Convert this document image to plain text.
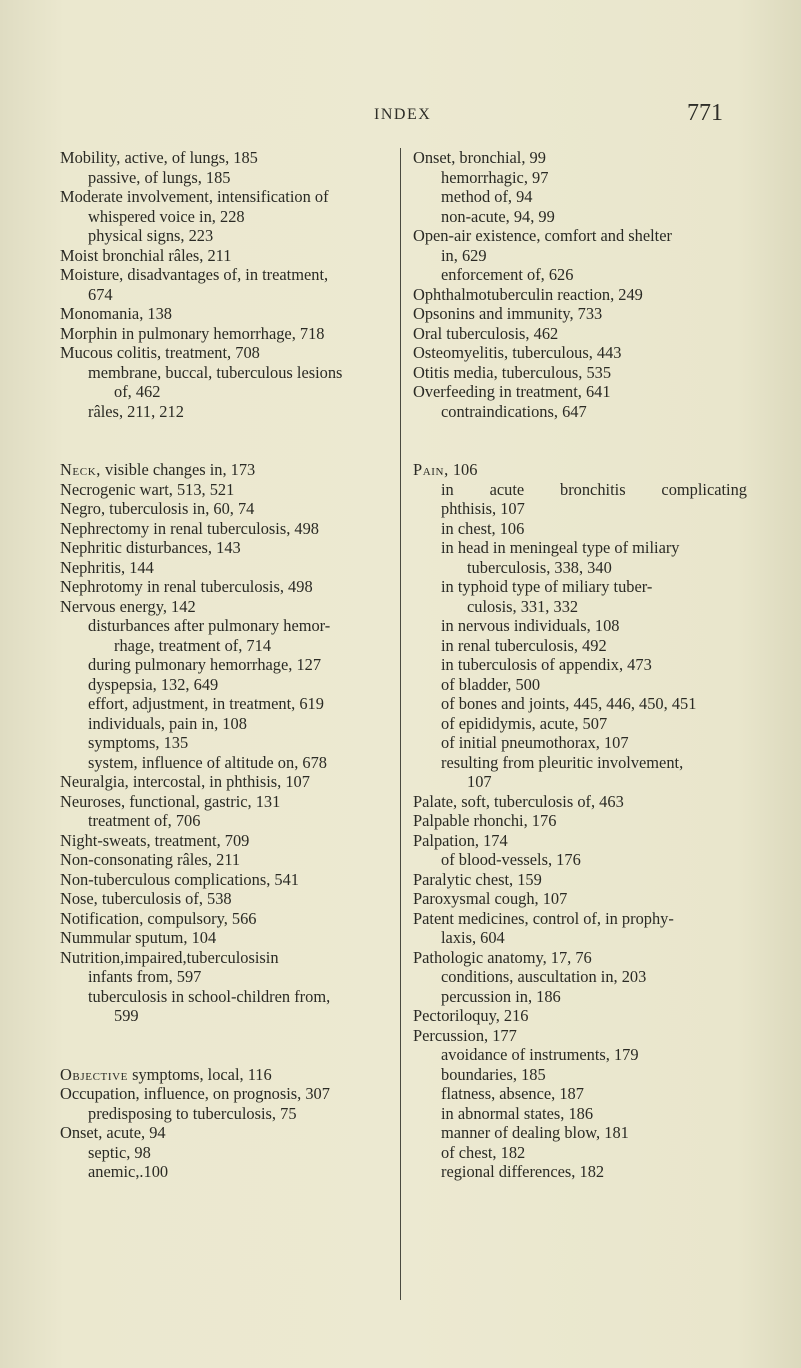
INDEX	771
Mobility, active, of lungs, 185
passive, of lungs, 185
Moderate involvement, intensification of
whispered voice in, 228
physical signs, 223
Moist bronchial râles, 211
Moisture, disadvantages of, in treatment,
674
Monomania, 138
Morphin in pulmonary hemorrhage, 718
Mucous colitis, treatment, 708
membrane, buccal, tuberculous lesions
of, 462
râles, 211, 212
Neck, visible changes in, 173
Necrogenic wart, 513, 521
Negro, tuberculosis in, 60, 74
Nephrectomy in renal tuberculosis, 498
Nephritic disturbances, 143
Nephritis, 144
Nephrotomy in renal tuberculosis, 498
Nervous energy, 142
disturbances after pulmonary hemor-
rhage, treatment of, 714
during pulmonary hemorrhage, 127
dyspepsia, 132, 649
effort, adjustment, in treatment, 619
individuals, pain in, 108
symptoms, 135
system, influence of altitude on, 678
Neuralgia, intercostal, in phthisis, 107
Neuroses, functional, gastric, 131
treatment of, 706
Night-sweats, treatment, 709
Non-consonating râles, 211
Non-tuberculous complications, 541
Nose, tuberculosis of, 538
Notification, compulsory, 566
Nummular sputum, 104
Nutrition,impaired,tuberculosisin
infants from, 597
tuberculosis in school-children from,
599
Objective symptoms, local, 116
Occupation, influence, on prognosis, 307
predisposing to tuberculosis, 75
Onset, acute, 94
septic, 98
anemic,.100
Onset, bronchial, 99
hemorrhagic, 97
method of, 94
non-acute, 94, 99
Open-air existence, comfort and shelter
in, 629
enforcement of, 626
Ophthalmotuberculin reaction, 249
Opsonins and immunity, 733
Oral tuberculosis, 462
Osteomyelitis, tuberculous, 443
Otitis media, tuberculous, 535
Overfeeding in treatment, 641
contraindications, 647
Pain, 106
in acute bronchitis complicating
phthisis, 107
in chest, 106
in head in meningeal type of miliary
tuberculosis, 338, 340
in typhoid type of miliary tuber-
culosis, 331, 332
in nervous individuals, 108
in renal tuberculosis, 492
in tuberculosis of appendix, 473
of bladder, 500
of bones and joints, 445, 446, 450, 451
of epididymis, acute, 507
of initial pneumothorax, 107
resulting from pleuritic involvement,
107
Palate, soft, tuberculosis of, 463
Palpable rhonchi, 176
Palpation, 174
of blood-vessels, 176
Paralytic chest, 159
Paroxysmal cough, 107
Patent medicines, control of, in prophy-
laxis, 604
Pathologic anatomy, 17, 76
conditions, auscultation in, 203
percussion in, 186
Pectoriloquy, 216
Percussion, 177
avoidance of instruments, 179
boundaries, 185
flatness, absence, 187
in abnormal states, 186
manner of dealing blow, 181
of chest, 182
regional differences, 182
